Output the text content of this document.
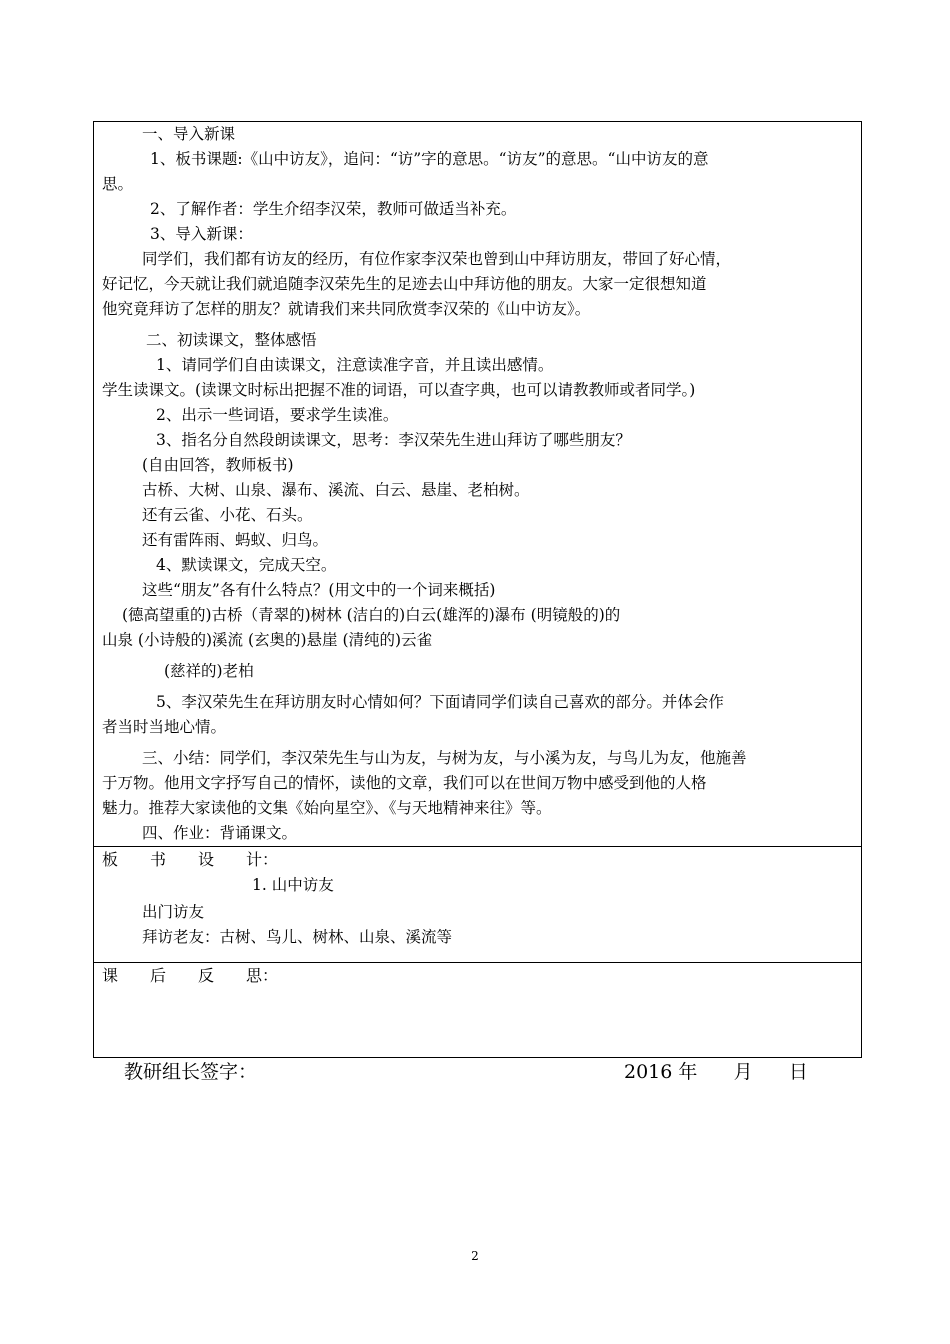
一、导入新课
1、板书课题:《山中访友》，追问：“访”字的意思。“访友”的意思。“山中访友的意
思。
2、了解作者：学生介绍李汉荣，教师可做适当补充。
3、导入新课：
同学们，我们都有访友的经历，有位作家李汉荣也曾到山中拜访朋友，带回了好心情，
好记忆，今天就让我们就追随李汉荣先生的足迹去山中拜访他的朋友。大家一定很想知道
他究竟拜访了怎样的朋友？就请我们来共同欣赏李汉荣的《山中访友》。
二、初读课文，整体感悟
1、请同学们自由读课文，注意读准字音，并且读出感情。
学生读课文。(读课文时标出把握不准的词语，可以查字典，也可以请教教师或者同学。)
2、出示一些词语，要求学生读准。
3、指名分自然段朗读课文，思考：李汉荣先生进山拜访了哪些朋友？
(自由回答，教师板书)
古桥、大树、山泉、瀑布、溪流、白云、悬崖、老柏树。
还有云雀、小花、石头。
还有雷阵雨、蚂蚁、归鸟。
4、默读课文，完成天空。
这些“朋友”各有什么特点？(用文中的一个词来概括)
(德高望重的)古桥（青翠的)树林 (洁白的)白云(雄浑的)瀑布 (明镜般的)的
山泉 (小诗般的)溪流 (玄奥的)悬崖 (清纯的)云雀
(慈祥的)老柏
5、李汉荣先生在拜访朋友时心情如何？下面请同学们读自己喜欢的部分。并体会作
者当时当地心情。
三、小结：同学们，李汉荣先生与山为友，与树为友，与小溪为友，与鸟儿为友，他施善
于万物。他用文字抒写自己的情怀，读他的文章，我们可以在世间万物中感受到他的人格
魅力。推荐大家读他的文集《始向星空》、《与天地精神来往》等。
四、作业：背诵课文。
板　　书　　设　　计：
1. 山中访友
出门访友
拜访老友：古树、鸟儿、树林、山泉、溪流等
课　　后　　反　　思：
教研组长签字：	2016 年      月      日
2
